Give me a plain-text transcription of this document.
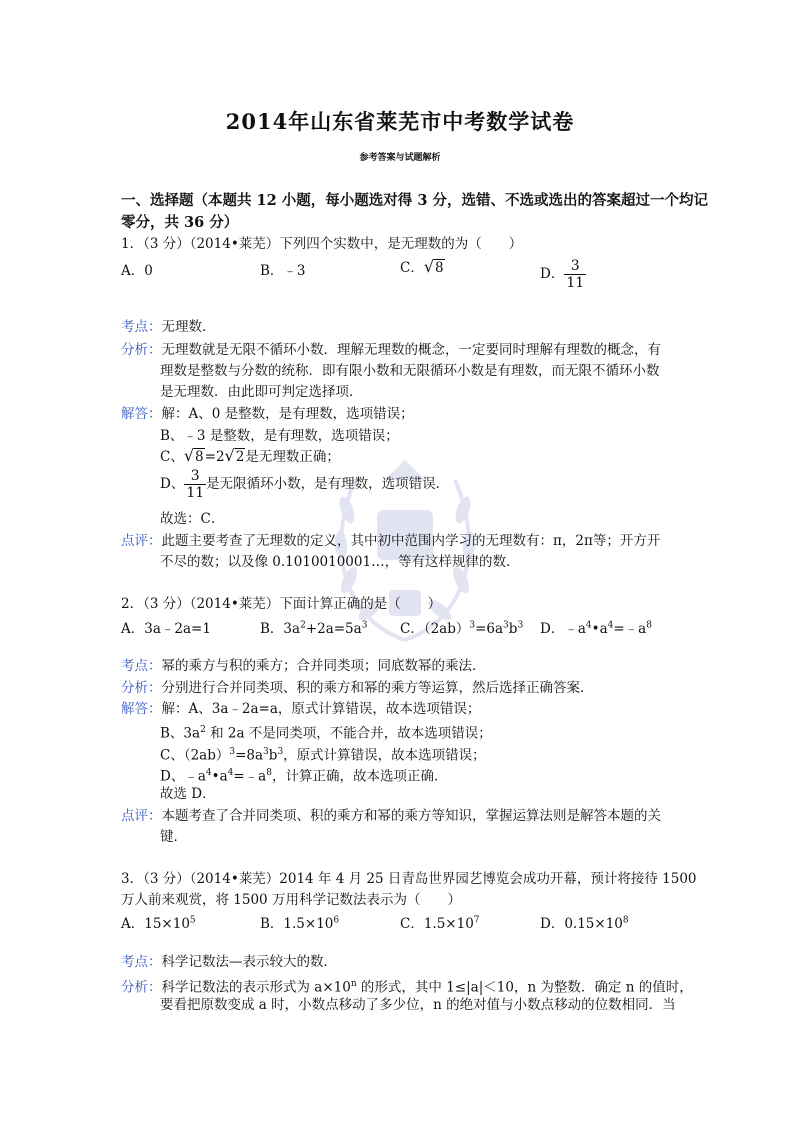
2014年山东省莱芜市中考数学试卷
参考答案与试题解析
一、选择题（本题共 12 小题，每小题选对得 3 分，选错、不选或选出的答案超过一个均记
零分，共 36 分）
1．（3 分）（2014•莱芜）下列四个实数中，是无理数的为（　　）
A．0	B．﹣3	C．√8	D． $\frac{3}{11}$
考点：无理数．
分析：无理数就是无限不循环小数．理解无理数的概念，一定要同时理解有理数的概念，有
理数是整数与分数的统称．即有限小数和无限循环小数是有理数，而无限不循环小数
是无理数．由此即可判定选择项．
解答：解：A、0 是整数，是有理数，选项错误；
B、﹣3 是整数，是有理数，选项错误；
C、√8=2√2是无理数正确；
D、 $\frac{3}{11}$ 是无限循环小数，是有理数，选项错误．
故选：C．
点评：此题主要考查了无理数的定义，其中初中范围内学习的无理数有：π，2π等；开方开
不尽的数；以及像 0.1010010001…，等有这样规律的数．
2．（3 分）（2014•莱芜）下面计算正确的是（　　）
A．3a﹣2a=1	B．$3a^2+2a=5a^3$ C．$(2ab)^3=6a^3b^3$ D．$﹣a^4•a^4=﹣a^8$
考点：幂的乘方与积的乘方；合并同类项；同底数幂的乘法．
分析：分别进行合并同类项、积的乘方和幂的乘方等运算，然后选择正确答案．
解答：解：A、3a﹣2a=a，原式计算错误，故本选项错误；
B、$3a^2$ 和 2a 不是同类项，不能合并，故本选项错误；
C、$(2ab)^3=8a^3b^3$，原式计算错误，故本选项错误；
D、$﹣a^4•a^4=﹣a^8$，计算正确，故本选项正确．
故选 D．
点评：本题考查了合并同类项、积的乘方和幂的乘方等知识，掌握运算法则是解答本题的关
键．
3．（3 分）（2014•莱芜）2014 年 4 月 25 日青岛世界园艺博览会成功开幕，预计将接待 1500
万人前来观赏，将 1500 万用科学记数法表示为（　　）
A．$15\times 10^5$	B．$1.5\times 10^6$	C．$1.5\times 10^7$	D．$0.15\times 10^8$
考点：科学记数法—表示较大的数．
分析：科学记数法的表示形式为 $a\times 10^n$ 的形式，其中 1≤|a|＜10，n 为整数．确定 n 的值时，
要看把原数变成 a 时，小数点移动了多少位，n 的绝对值与小数点移动的位数相同．当
